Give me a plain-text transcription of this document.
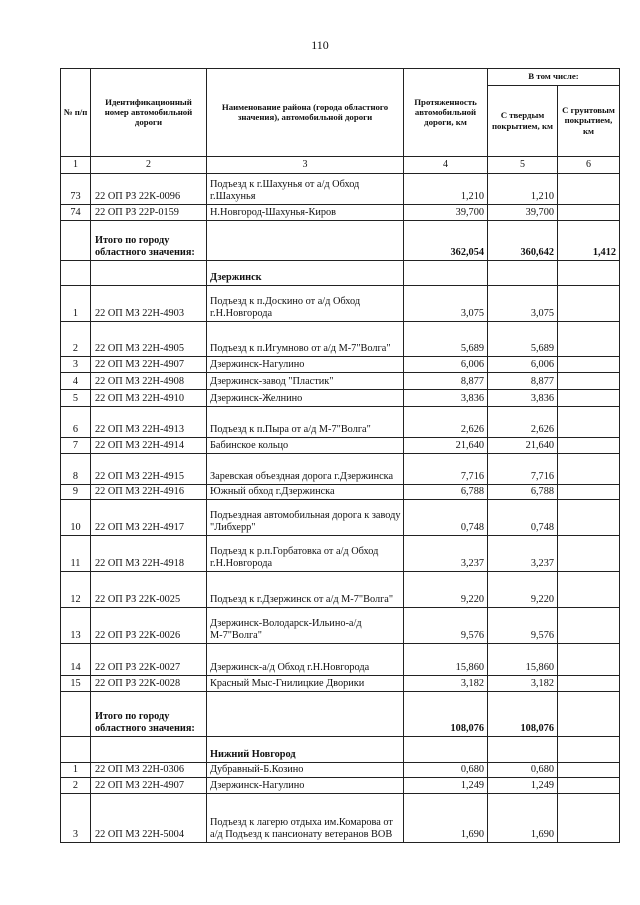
110
№ п/п	Идентификационный номер автомобильной дороги	Наименование района (города областного значения), автомобильной дороги	Протяженность автомобильной дороги, км	В том числе:	
				С твердым покрытием, км	С грунтовым покрытием, км
1	2	3	4	5	6
73	22 ОП РЗ 22К-0096	Подъезд к г.Шахунья от а/д Обход г.Шахунья	1,210	1,210	
74	22 ОП РЗ 22Р-0159	Н.Новгород-Шахунья-Киров	39,700	39,700	
	Итого по городу областного значения:		362,054	360,642	1,412
		Дзержинск			
1	22 ОП МЗ 22Н-4903	Подъезд к п.Доскино от а/д Обход г.Н.Новгорода	3,075	3,075	
2	22 ОП МЗ 22Н-4905	Подъезд к п.Игумново от а/д М-7"Волга"	5,689	5,689	
3	22 ОП МЗ 22Н-4907	Дзержинск-Нагулино	6,006	6,006	
4	22 ОП МЗ 22Н-4908	Дзержинск-завод "Пластик"	8,877	8,877	
5	22 ОП МЗ 22Н-4910	Дзержинск-Желнино	3,836	3,836	
6	22 ОП МЗ 22Н-4913	Подъезд к п.Пыра от а/д М-7"Волга"	2,626	2,626	
7	22 ОП МЗ 22Н-4914	Бабинское кольцо	21,640	21,640	
8	22 ОП МЗ 22Н-4915	Заревская объездная дорога г.Дзержинска	7,716	7,716	
9	22 ОП МЗ 22Н-4916	Южный обход г.Дзержинска	6,788	6,788	
10	22 ОП МЗ 22Н-4917	Подъездная автомобильная дорога к заводу "Либхерр"	0,748	0,748	
11	22 ОП МЗ 22Н-4918	Подъезд к р.п.Горбатовка от а/д Обход г.Н.Новгорода	3,237	3,237	
12	22 ОП РЗ 22К-0025	Подъезд к г.Дзержинск от а/д М-7"Волга"	9,220	9,220	
13	22 ОП РЗ 22К-0026	Дзержинск-Володарск-Ильино-а/д М-7"Волга"	9,576	9,576	
14	22 ОП РЗ 22К-0027	Дзержинск-а/д Обход г.Н.Новгорода	15,860	15,860	
15	22 ОП РЗ 22К-0028	Красный Мыс-Гнилицкие Дворики	3,182	3,182	
	Итого по городу областного значения:		108,076	108,076	
		Нижний Новгород			
1	22 ОП МЗ 22Н-0306	Дубравный-Б.Козино	0,680	0,680	
2	22 ОП МЗ 22Н-4907	Дзержинск-Нагулино	1,249	1,249	
3	22 ОП МЗ 22Н-5004	Подъезд к лагерю отдыха им.Комарова от а/д Подъезд к пансионату ветеранов ВОВ	1,690	1,690	
